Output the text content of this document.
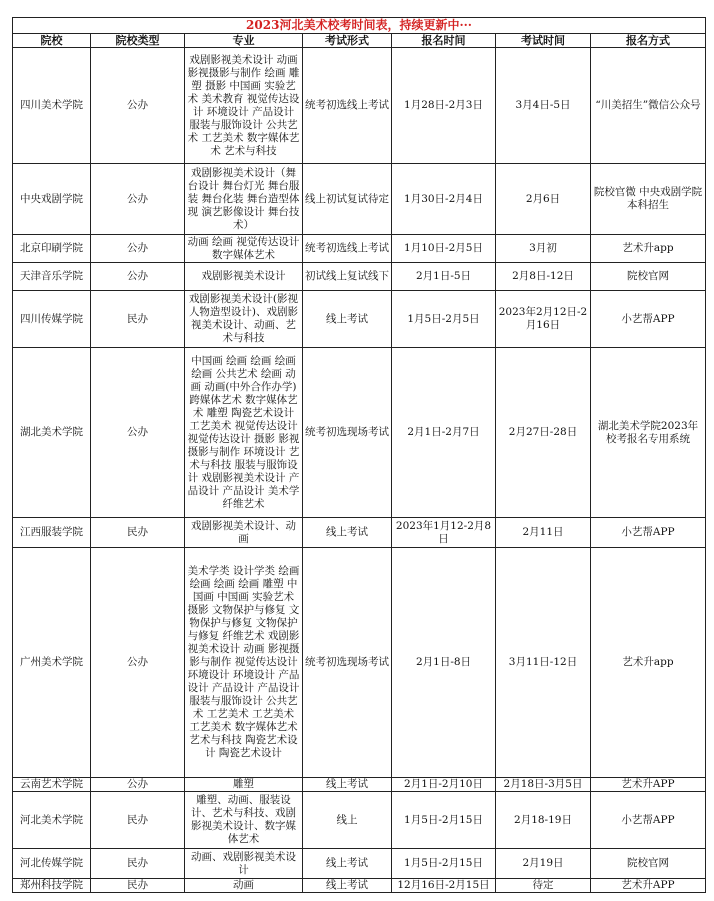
2023河北美术校考时间表，持续更新中···						
院校	院校类型	专业	考试形式	报名时间	考试时间	报名方式
四川美术学院	公办	戏剧影视美术设计 动画 影视摄影与制作 绘画 雕塑 摄影 中国画 实验艺术 美术教育 视觉传达设计 环境设计 产品设计 服装与服饰设计 公共艺术 工艺美术 数字媒体艺术 艺术与科技	统考初选线上考试	1月28日-2月3日	3月4日-5日	“川美招生”微信公众号
中央戏剧学院	公办	戏剧影视美术设计（舞台设计 舞台灯光 舞台服装 舞台化装 舞台造型体现 演艺影像设计 舞台技术）	线上初试复试待定	1月30日-2月4日	2月6日	院校官微 中央戏剧学院本科招生
北京印刷学院	公办	动画 绘画 视觉传达设计 数字媒体艺术	统考初选线上考试	1月10日-2月5日	3月初	艺术升app
天津音乐学院	公办	戏剧影视美术设计	初试线上复试线下	2月1日-5日	2月8日-12日	院校官网
四川传媒学院	民办	戏剧影视美术设计(影视人物造型设计)、戏剧影视美术设计、动画、艺术与科技	线上考试	1月5日-2月5日	2023年2月12日-2月16日	小艺帮APP
湖北美术学院	公办	中国画 绘画 绘画 绘画 绘画 公共艺术 绘画 动画 动画(中外合作办学) 跨媒体艺术 数字媒体艺术 雕塑 陶瓷艺术设计 工艺美术 视觉传达设计 视觉传达设计 摄影 影视摄影与制作 环境设计 艺术与科技 服装与服饰设计 戏剧影视美术设计 产品设计 产品设计 美术学 纤维艺术	统考初选现场考试	2月1日-2月7日	2月27日-28日	湖北美术学院2023年校考报名专用系统
江西服装学院	民办	戏剧影视美术设计、动画	线上考试	2023年1月12-2月8日	2月11日	小艺帮APP
广州美术学院	公办	美术学类 设计学类 绘画 绘画 绘画 绘画 雕塑 中国画 中国画 实验艺术 摄影 文物保护与修复 文物保护与修复 文物保护与修复 纤维艺术 戏剧影视美术设计 动画 影视摄影与制作 视觉传达设计 环境设计 环境设计 产品设计 产品设计 产品设计 服装与服饰设计 公共艺术 工艺美术 工艺美术 工艺美术 数字媒体艺术 艺术与科技 陶瓷艺术设计 陶瓷艺术设计	统考初选现场考试	2月1日-8日	3月11日-12日	艺术升app
云南艺术学院	公办	雕塑	线上考试	2月1日-2月10日	2月18日-3月5日	艺术升APP
河北美术学院	民办	雕塑、动画、服装设计、艺术与科技、戏剧影视美术设计、数字媒体艺术	线上	1月5日-2月15日	2月18-19日	小艺帮APP
河北传媒学院	民办	动画、戏剧影视美术设计	线上考试	1月5日-2月15日	2月19日	院校官网
郑州科技学院	民办	动画	线上考试	12月16日-2月15日	待定	艺术升APP
